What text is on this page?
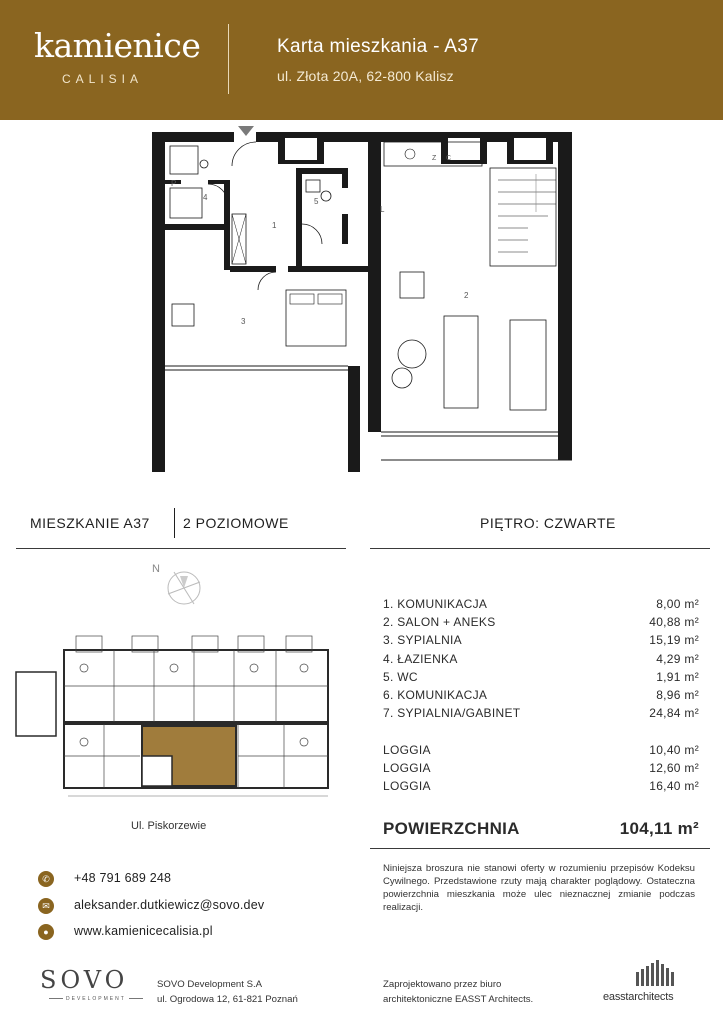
kamienice
CALISIA
Karta mieszkania - A37
ul. Złota 20A, 62-800 Kalisz
4
1
5
3
2
P
L
Z C
MIESZKANIE A37 2 POZIOMOWE	PIĘTRO: CZWARTE
1. KOMUNIKACJA	8,00 m²
2. SALON + ANEKS	40,88 m²
3. SYPIALNIA	15,19 m²
4. ŁAZIENKA	4,29 m²
5. WC	1,91 m²
6. KOMUNIKACJA	8,96 m²
7. SYPIALNIA/GABINET	24,84 m²
LOGGIA	10,40 m²
LOGGIA	12,60 m²
LOGGIA	16,40 m²
POWIERZCHNIA	104,11 m²
N
Ul. Piskorzewie
✆	+48 791 689 248
✉	aleksander.dutkiewicz@sovo.dev
●	www.kamienicecalisia.pl
Niniejsza broszura nie stanowi oferty w rozumieniu przepisów Kodeksu Cywilnego. Przedstawione rzuty mają charakter poglądowy. Ostateczna powierzchnia mieszkania może ulec nieznacznej zmianie podczas realizacji.
SOVO
DEVELOPMENT
SOVO Development S.A
ul. Ogrodowa 12, 61-821 Poznań
Zaprojektowano przez biuro
architektoniczne EASST Architects.	easstarchitects
